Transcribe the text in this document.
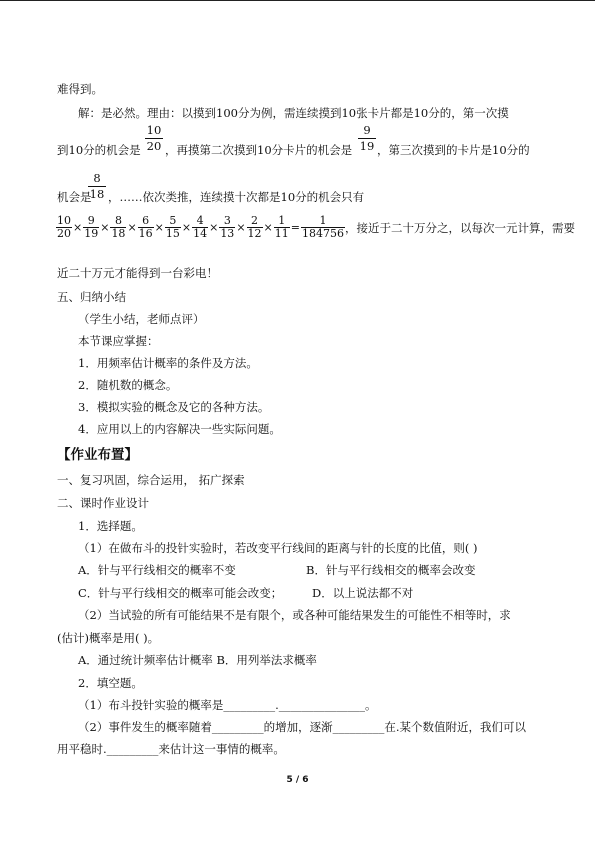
难得到。
解：是必然。理由：以摸到100分为例，需连续摸到10张卡片都是10分的，第一次摸
10
20
到10分的机会是 ，再摸第二次摸到10分卡片的机会是
9
19 ，第三次摸到的卡片是10分的
8
18
机会是 ，……依次类推，连续摸十次都是10分的机会只有
$\frac{10}{20} \times \frac{9}{19} \times \frac{8}{18} \times \frac{6}{16} \times \frac{5}{15} \times \frac{4}{14} \times \frac{3}{13} \times \frac{2}{12} \times \frac{1}{11} = \frac{1}{184756}$ ，接近于二十万分之，以每次一元计算，需要
近二十万元才能得到一台彩电！
五、归纳小结
（学生小结，老师点评）
本节课应掌握：
1．用频率估计概率的条件及方法。
2．随机数的概念。
3．模拟实验的概念及它的各种方法。
4．应用以上的内容解决一些实际问题。
【作业布置】
一、复习巩固，综合运用， 拓广探索
二、课时作业设计
1．选择题。
（1）在做布斗的投针实验时，若改变平行线间的距离与针的长度的比值，则( )
A．针与平行线相交的概率不变	B．针与平行线相交的概率会改变
C．针与平行线相交的概率可能会改变；	D．以上说法都不对
（2）当试验的所有可能结果不是有限个，或各种可能结果发生的可能性不相等时，求
(估计)概率是用( )。
A．通过统计频率估计概率 B．用列举法求概率
2．填空题。
（1）布斗投针实验的概率是_________._______________。
（2）事件发生的概率随着_________的增加，逐渐_________在.某个数值附近，我们可以
用平稳时._________来估计这一事情的概率。
5 / 6
